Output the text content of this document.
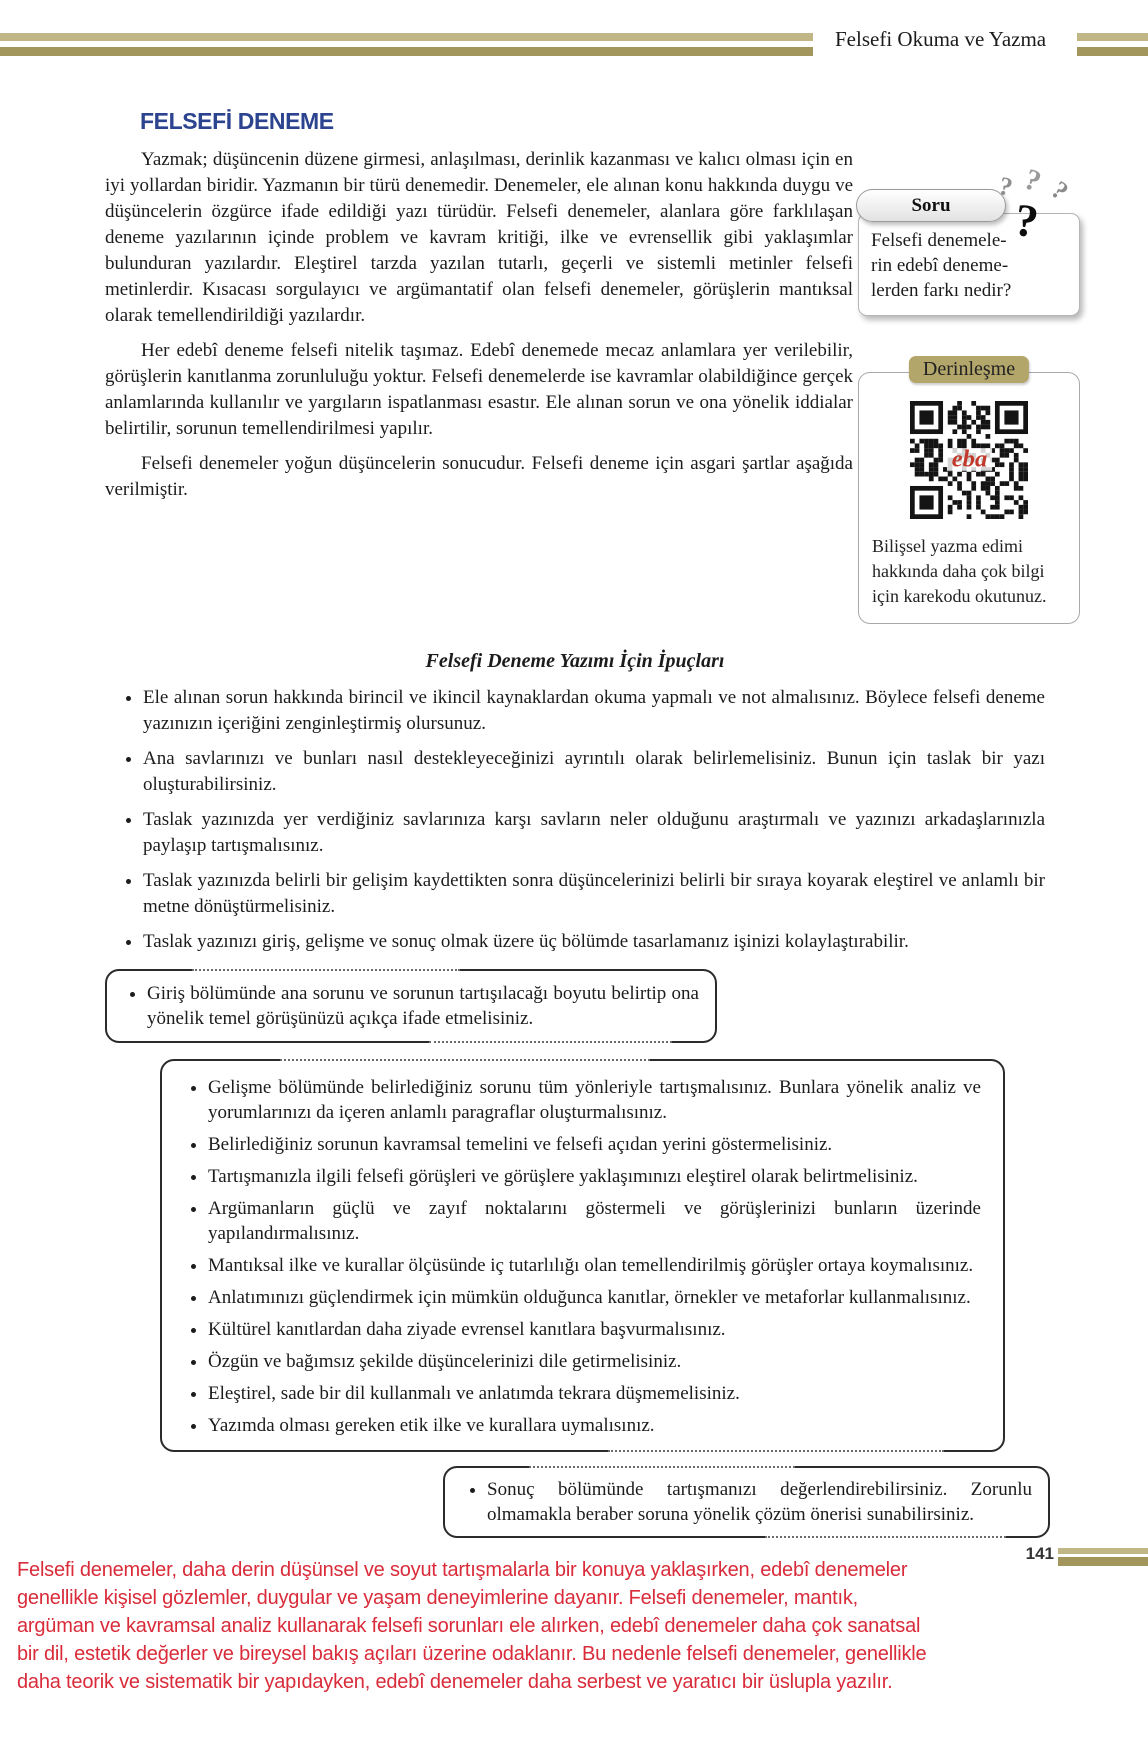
Felsefi Okuma ve Yazma
FELSEFİ DENEME

Yazmak; düşüncenin düzene girmesi, anlaşılması, derinlik kazanması ve kalıcı olması için en iyi yollardan biridir. Yazmanın bir türü denemedir. Denemeler, ele alınan konu hakkında duygu ve düşüncelerin özgürce ifade edildiği yazı türüdür. Felsefi denemeler, alanlara göre farklılaşan deneme yazılarının içinde problem ve kavram kritiği, ilke ve evrensellik gibi yaklaşımlar bulunduran yazılardır. Eleştirel tarzda yazılan tutarlı, geçerli ve sistemli metinler felsefi metinlerdir. Kısacası sorgulayıcı ve argümantatif olan felsefi denemeler, görüşlerin mantıksal olarak temellendirildiği yazılardır.

Her edebî deneme felsefi nitelik taşımaz. Edebî denemede mecaz anlamlara yer verilebilir, görüşlerin kanıtlanma zorunluluğu yoktur. Felsefi denemelerde ise kavramlar olabildiğince gerçek anlamlarında kullanılır ve yargıların ispatlanması esastır. Ele alınan sorun ve ona yönelik iddialar belirtilir, sorunun temellendirilmesi yapılır.

Felsefi denemeler yoğun düşüncelerin sonucudur. Felsefi deneme için asgari şartlar aşağıda verilmiştir.

Soru
? ? ?
?
Felsefi denemele-
rin edebî deneme-
lerden farkı nedir?
Derinleşme
eba
Bilişsel yazma edimi hakkında daha çok bilgi için karekodu okutunuz.
Felsefi Deneme Yazımı İçin İpuçları
• Ele alınan sorun hakkında birincil ve ikincil kaynaklardan okuma yapmalı ve not almalısınız. Böylece felsefi deneme yazınızın içeriğini zenginleştirmiş olursunuz.
• Ana savlarınızı ve bunları nasıl destekleyeceğinizi ayrıntılı olarak belirlemelisiniz. Bunun için taslak bir yazı oluşturabilirsiniz.
• Taslak yazınızda yer verdiğiniz savlarınıza karşı savların neler olduğunu araştırmalı ve yazınızı arkadaşlarınızla paylaşıp tartışmalısınız.
• Taslak yazınızda belirli bir gelişim kaydettikten sonra düşüncelerinizi belirli bir sıraya koyarak eleştirel ve anlamlı bir metne dönüştürmelisiniz.
• Taslak yazınızı giriş, gelişme ve sonuç olmak üzere üç bölümde tasarlamanız işinizi kolaylaştırabilir.
• Giriş bölümünde ana sorunu ve sorunun tartışılacağı boyutu belirtip ona yönelik temel görüşünüzü açıkça ifade etmelisiniz.
• Gelişme bölümünde belirlediğiniz sorunu tüm yönleriyle tartışmalısınız. Bunlara yönelik analiz ve yorumlarınızı da içeren anlamlı paragraflar oluşturmalısınız.
• Belirlediğiniz sorunun kavramsal temelini ve felsefi açıdan yerini göstermelisiniz.
• Tartışmanızla ilgili felsefi görüşleri ve görüşlere yaklaşımınızı eleştirel olarak belirtmelisiniz.
• Argümanların güçlü ve zayıf noktalarını göstermeli ve görüşlerinizi bunların üzerinde yapılandırmalısınız.
• Mantıksal ilke ve kurallar ölçüsünde iç tutarlılığı olan temellendirilmiş görüşler ortaya koymalısınız.
• Anlatımınızı güçlendirmek için mümkün olduğunca kanıtlar, örnekler ve metaforlar kullanmalısınız.
• Kültürel kanıtlardan daha ziyade evrensel kanıtlara başvurmalısınız.
• Özgün ve bağımsız şekilde düşüncelerinizi dile getirmelisiniz.
• Eleştirel, sade bir dil kullanmalı ve anlatımda tekrara düşmemelisiniz.
• Yazımda olması gereken etik ilke ve kurallara uymalısınız.
• Sonuç bölümünde tartışmanızı değerlendirebilirsiniz. Zorunlu olmamakla beraber soruna yönelik çözüm önerisi sunabilirsiniz.
141
Felsefi denemeler, daha derin düşünsel ve soyut tartışmalarla bir konuya yaklaşırken, edebî denemeler genellikle kişisel gözlemler, duygular ve yaşam deneyimlerine dayanır. Felsefi denemeler, mantık, argüman ve kavramsal analiz kullanarak felsefi sorunları ele alırken, edebî denemeler daha çok sanatsal bir dil, estetik değerler ve bireysel bakış açıları üzerine odaklanır. Bu nedenle felsefi denemeler, genellikle daha teorik ve sistematik bir yapıdayken, edebî denemeler daha serbest ve yaratıcı bir üslupla yazılır.
